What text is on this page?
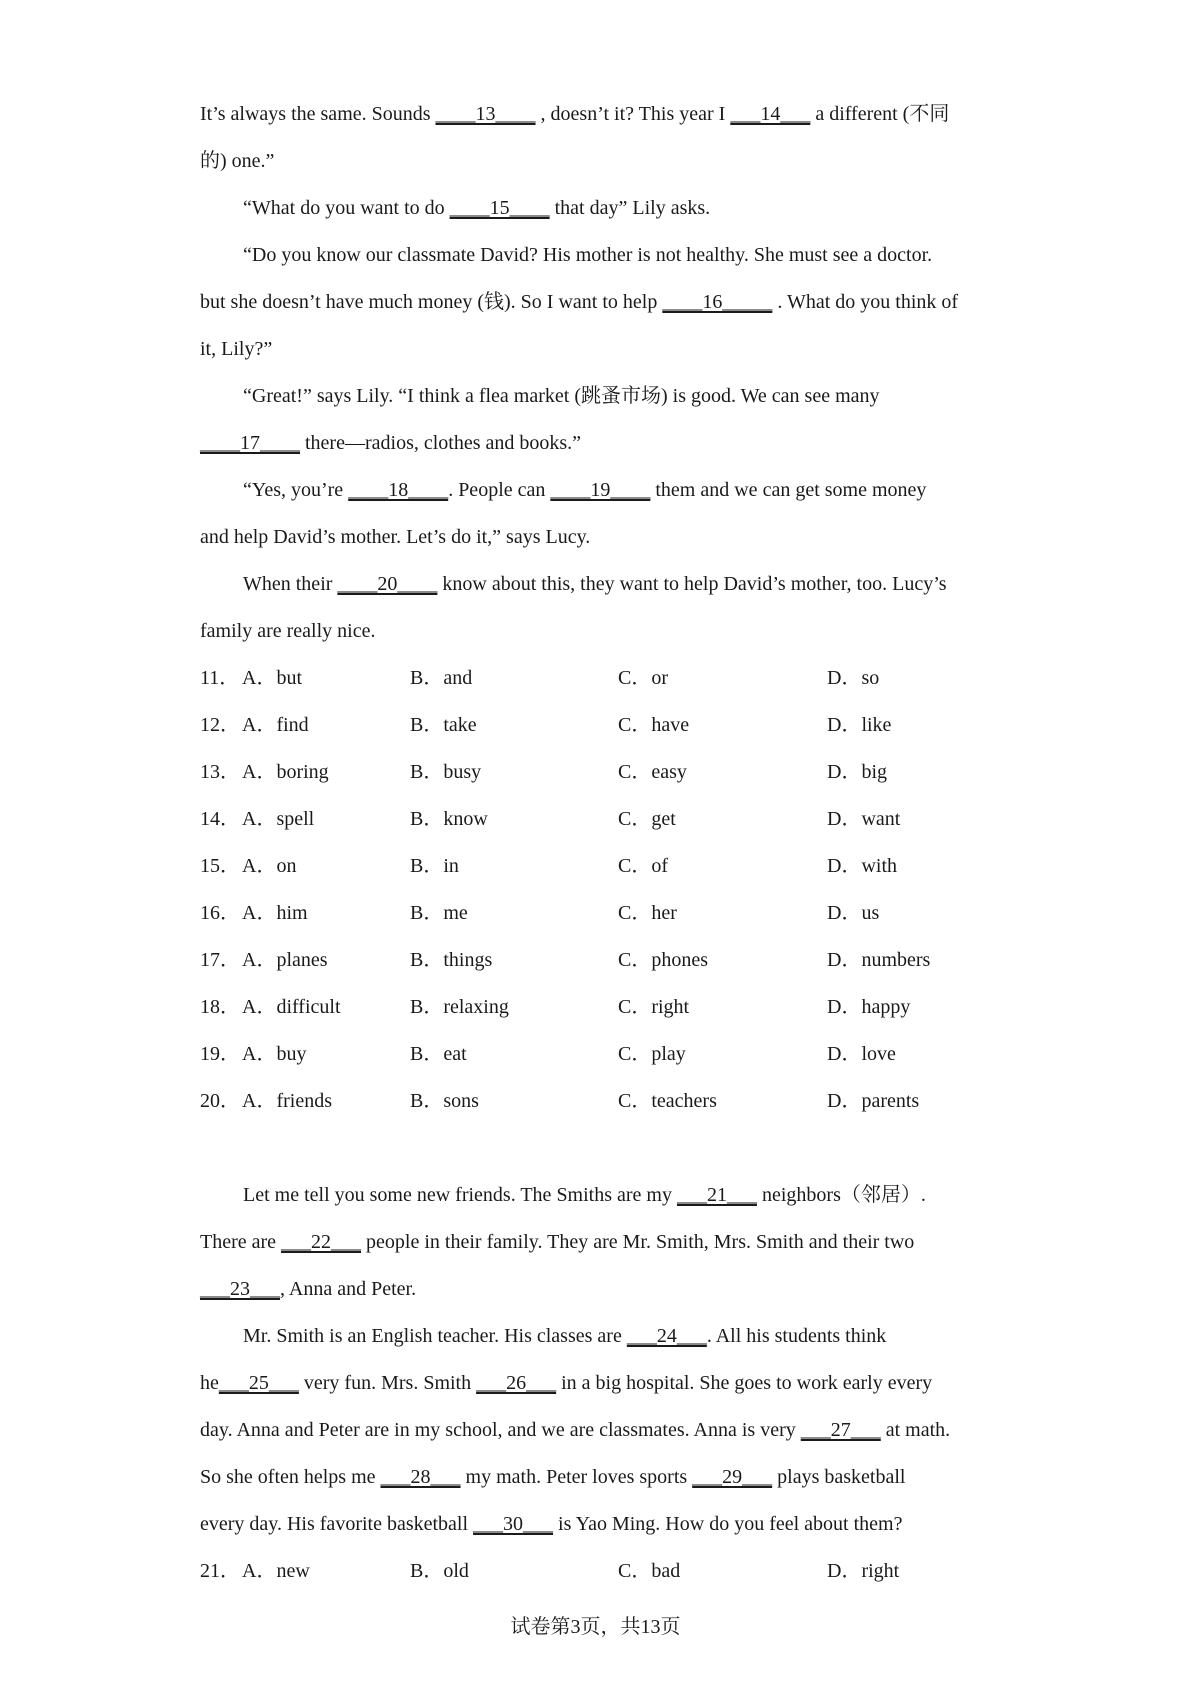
It’s always the same. Sounds ____13____ , doesn’t it? This year I ___14___ a different (不同
的) one.”
“What do you want to do ____15____ that day” Lily asks.
“Do you know our classmate David? His mother is not healthy. She must see a doctor.
but she doesn’t have much money (钱). So I want to help ____16_____ . What do you think of
it, Lily?”
“Great!” says Lily. “I think a flea market (跳蚤市场) is good. We can see many
____17____ there—radios, clothes and books.”
“Yes, you’re ____18____. People can ____19____ them and we can get some money
and help David’s mother. Let’s do it,” says Lucy.
When their ____20____ know about this, they want to help David’s mother, too. Lucy’s
family are really nice.
11． A．but	B．and	C．or	D．so
12． A．find	B．take	C．have	D．like
13． A．boring	B．busy	C．easy	D．big
14． A．spell	B．know	C．get	D．want
15． A．on	B．in	C．of	D．with
16． A．him	B．me	C．her	D．us
17． A．planes	B．things	C．phones	D．numbers
18． A．difficult	B．relaxing	C．right	D．happy
19． A．buy	B．eat	C．play	D．love
20． A．friends	B．sons	C．teachers	D．parents
Let me tell you some new friends. The Smiths are my ___21___ neighbors（邻居）.
There are ___22___ people in their family. They are Mr. Smith, Mrs. Smith and their two
___23___, Anna and Peter.
Mr. Smith is an English teacher. His classes are ___24___. All his students think
he___25___ very fun. Mrs. Smith ___26___ in a big hospital. She goes to work early every
day. Anna and Peter are in my school, and we are classmates. Anna is very ___27___ at math.
So she often helps me ___28___ my math. Peter loves sports ___29___ plays basketball
every day. His favorite basketball ___30___ is Yao Ming. How do you feel about them?
21． A．new	B．old	C．bad	D．right
试卷第3页，共13页
